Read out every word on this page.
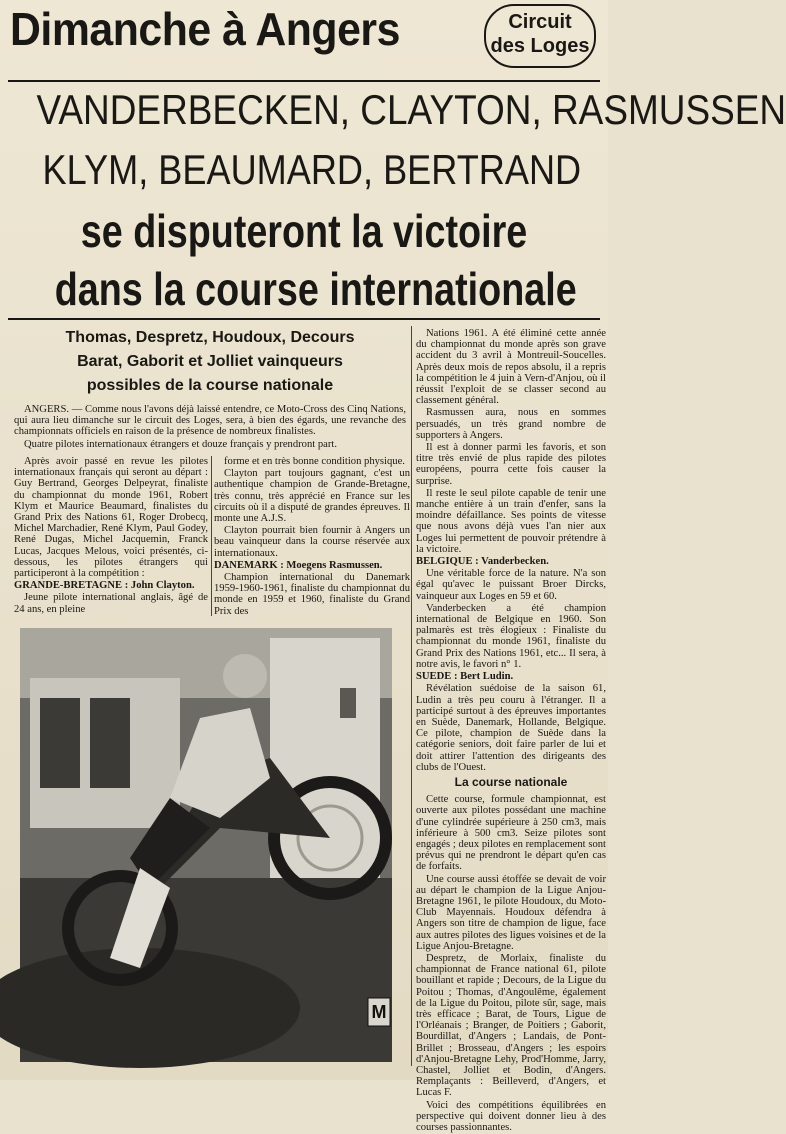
Dimanche à Angers	Circuit
des Loges
VANDERBECKEN, CLAYTON, RASMUSSEN
KLYM, BEAUMARD, BERTRAND
se disputeront la victoire
dans la course internationale
Thomas, Despretz, Houdoux, Decours
Barat, Gaborit et Jolliet vainqueurs
possibles de la course nationale

ANGERS. — Comme nous l'avons déjà laissé entendre, ce Moto-Cross des Cinq Nations, qui aura lieu dimanche sur le circuit des Loges, sera, à bien des égards, une revanche des championnats officiels en raison de la présence de nombreux finalistes.

Quatre pilotes internationaux étrangers et douze français y prendront part.

Après avoir passé en revue les pilotes internationaux français qui seront au départ : Guy Bertrand, Georges Delpeyrat, finaliste du championnat du monde 1961, Robert Klym et Maurice Beaumard, finalistes du Grand Prix des Nations 61, Roger Drobecq, Michel Marchadier, René Klym, Paul Godey, René Dugas, Michel Jacquemin, Franck Lucas, Jacques Melous, voici présentés, ci-dessous, les pilotes étrangers qui participeront à la compétition :

GRANDE-BRETAGNE : John Clayton.

Jeune pilote international anglais, âgé de 24 ans, en pleine

forme et en très bonne condition physique.

Clayton part toujours gagnant, c'est un authentique champion de Grande-Bretagne, très connu, très apprécié en France sur les circuits où il a disputé de grandes épreuves. Il monte une A.J.S.

Clayton pourrait bien fournir à Angers un beau vainqueur dans la course réservée aux internationaux.

DANEMARK : Moegens Rasmussen.

Champion international du Danemark 1959-1960-1961, finaliste du championnat du monde en 1959 et 1960, finaliste du Grand Prix des

M

Nations 1961. A été éliminé cette année du championnat du monde après son grave accident du 3 avril à Montreuil-Soucelles. Après deux mois de repos absolu, il a repris la compétition le 4 juin à Vern-d'Anjou, où il réussit l'exploit de se classer second au classement général.

Rasmussen aura, nous en sommes persuadés, un très grand nombre de supporters à Angers.

Il est à donner parmi les favoris, et son titre très envié de plus rapide des pilotes européens, pourra cette fois causer la surprise.

Il reste le seul pilote capable de tenir une manche entière à un train d'enfer, sans la moindre défaillance. Ses points de vitesse que nous avons déjà vues l'an nier aux Loges lui permettent de pouvoir prétendre à la victoire.

BELGIQUE : Vanderbecken.

Une véritable force de la nature. N'a son égal qu'avec le puissant Broer Dircks, vainqueur aux Loges en 59 et 60.

Vanderbecken a été champion international de Belgique en 1960. Son palmarès est très élogieux : Finaliste du championnat du monde 1961, finaliste du Grand Prix des Nations 1961, etc... Il sera, à notre avis, le favori n° 1.

SUEDE : Bert Ludin.

Révélation suédoise de la saison 61, Ludin a très peu couru à l'étranger. Il a participé surtout à des épreuves importantes en Suède, Danemark, Hollande, Belgique. Ce pilote, champion de Suède dans la catégorie seniors, doit faire parler de lui et doit attirer l'attention des dirigeants des clubs de l'Ouest.

La course nationale

Cette course, formule championnat, est ouverte aux pilotes possédant une machine d'une cylindrée supérieure à 250 cm3, mais inférieure à 500 cm3. Seize pilotes sont engagés ; deux pilotes en remplacement sont prévus qui ne prendront le départ qu'en cas de forfaits.

Une course aussi étoffée se devait de voir au départ le champion de la Ligue Anjou-Bretagne 1961, le pilote Houdoux, du Moto-Club Mayennais. Houdoux défendra à Angers son titre de champion de ligue, face aux autres pilotes des ligues voisines et de la Ligue Anjou-Bretagne.

Despretz, de Morlaix, finaliste du championnat de France national 61, pilote bouillant et rapide ; Decours, de la Ligue du Poitou ; Thomas, d'Angoulême, également de la Ligue du Poitou, pilote sûr, sage, mais très efficace ; Barat, de Tours, Ligue de l'Orléanais ; Branger, de Poitiers ; Gaborit, Bourdillat, d'Angers ; Landais, de Pont-Brillet ; Brosseau, d'Angers ; les espoirs d'Anjou-Bretagne Lehy, Prod'Homme, Jarry, Chastel, Jolliet et Bodin, d'Angers. Remplaçants : Beilleverd, d'Angers, et Lucas F.

Voici des compétitions équilibrées en perspective qui doivent donner lieu à des courses passionnantes.
